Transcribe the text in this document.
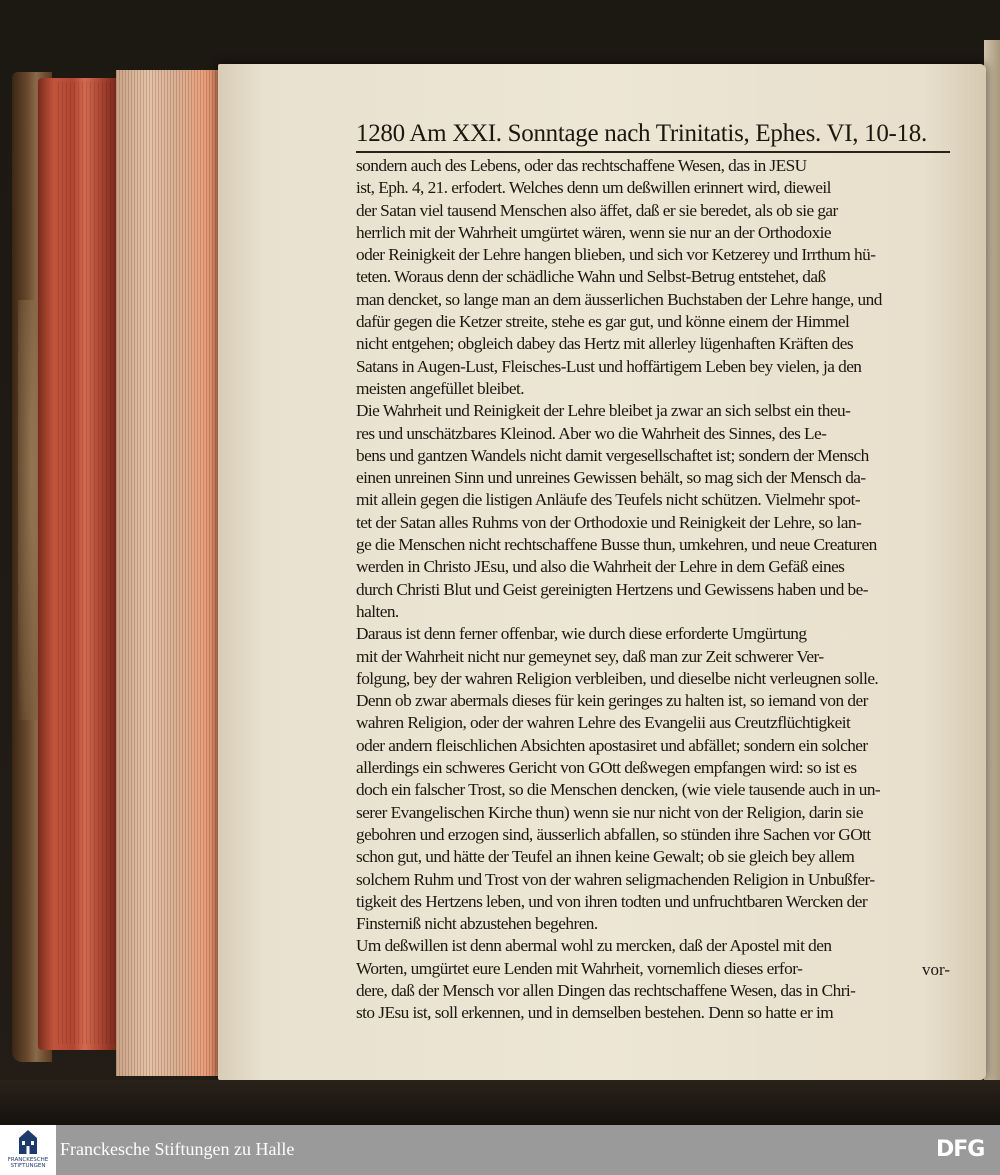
1280 Am XXI. Sonntage nach Trinitatis, Ephes. VI, 10-18.
sondern auch des Lebens, oder das rechtschaffene Wesen, das in JESU
ist, Eph. 4, 21. erfodert. Welches denn um deßwillen erinnert wird, dieweil
der Satan viel tausend Menschen also äffet, daß er sie beredet, als ob sie gar
herrlich mit der Wahrheit umgürtet wären, wenn sie nur an der Orthodoxie
oder Reinigkeit der Lehre hangen blieben, und sich vor Ketzerey und Irrthum hü-
teten. Woraus denn der schädliche Wahn und Selbst-Betrug entstehet, daß
man dencket, so lange man an dem äusserlichen Buchstaben der Lehre hange, und
dafür gegen die Ketzer streite, stehe es gar gut, und könne einem der Himmel
nicht entgehen; obgleich dabey das Hertz mit allerley lügenhaften Kräften des
Satans in Augen-Lust, Fleisches-Lust und hoffärtigem Leben bey vielen, ja den
meisten angefüllet bleibet.
Die Wahrheit und Reinigkeit der Lehre bleibet ja zwar an sich selbst ein theu-
res und unschätzbares Kleinod. Aber wo die Wahrheit des Sinnes, des Le-
bens und gantzen Wandels nicht damit vergesellschaftet ist; sondern der Mensch
einen unreinen Sinn und unreines Gewissen behält, so mag sich der Mensch da-
mit allein gegen die listigen Anläufe des Teufels nicht schützen. Vielmehr spot-
tet der Satan alles Ruhms von der Orthodoxie und Reinigkeit der Lehre, so lan-
ge die Menschen nicht rechtschaffene Busse thun, umkehren, und neue Creaturen
werden in Christo JEsu, und also die Wahrheit der Lehre in dem Gefäß eines
durch Christi Blut und Geist gereinigten Hertzens und Gewissens haben und be-
halten.
Daraus ist denn ferner offenbar, wie durch diese erforderte Umgürtung
mit der Wahrheit nicht nur gemeynet sey, daß man zur Zeit schwerer Ver-
folgung, bey der wahren Religion verbleiben, und dieselbe nicht verleugnen solle.
Denn ob zwar abermals dieses für kein geringes zu halten ist, so iemand von der
wahren Religion, oder der wahren Lehre des Evangelii aus Creutzflüchtigkeit
oder andern fleischlichen Absichten apostasiret und abfället; sondern ein solcher
allerdings ein schweres Gericht von GOtt deßwegen empfangen wird: so ist es
doch ein falscher Trost, so die Menschen dencken, (wie viele tausende auch in un-
serer Evangelischen Kirche thun) wenn sie nur nicht von der Religion, darin sie
gebohren und erzogen sind, äusserlich abfallen, so stünden ihre Sachen vor GOtt
schon gut, und hätte der Teufel an ihnen keine Gewalt; ob sie gleich bey allem
solchem Ruhm und Trost von der wahren seligmachenden Religion in Unbußfer-
tigkeit des Hertzens leben, und von ihren todten und unfruchtbaren Wercken der
Finsterniß nicht abzustehen begehren.
Um deßwillen ist denn abermal wohl zu mercken, daß der Apostel mit den
Worten, umgürtet eure Lenden mit Wahrheit, vornemlich dieses erfor-
dere, daß der Mensch vor allen Dingen das rechtschaffene Wesen, das in Chri-
sto JEsu ist, soll erkennen, und in demselben bestehen. Denn so hatte er im
vor-
FRANCKESCHE STIFTUNGEN
Franckesche Stiftungen zu Halle	DFG
